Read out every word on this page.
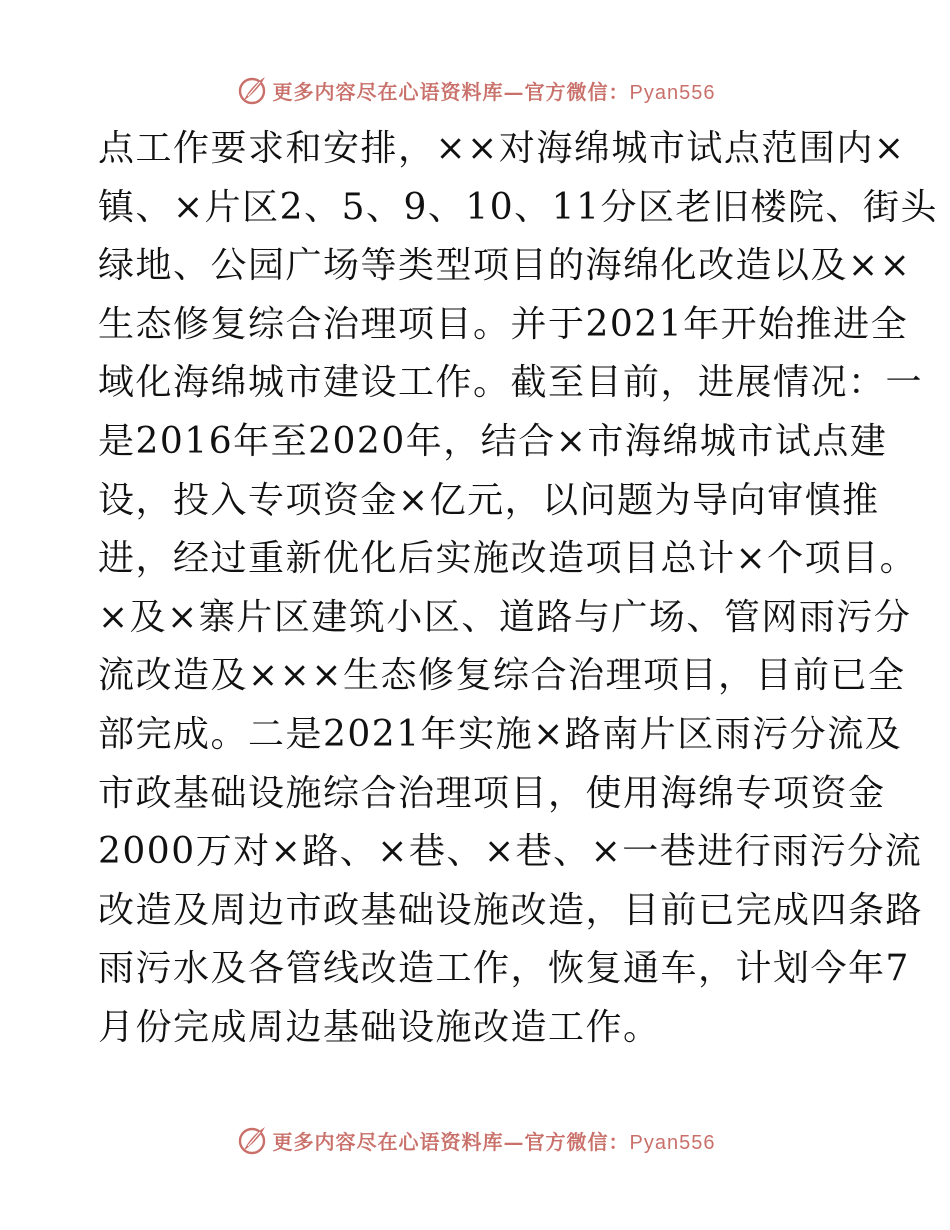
更多内容尽在心语资料库—官方微信：Pyan556
点工作要求和安排，××对海绵城市试点范围内×
镇、×片区2、5、9、10、11分区老旧楼院、街头
绿地、公园广场等类型项目的海绵化改造以及××
生态修复综合治理项目。并于2021年开始推进全
域化海绵城市建设工作。截至目前，进展情况：一
是2016年至2020年，结合×市海绵城市试点建
设，投入专项资金×亿元，以问题为导向审慎推
进，经过重新优化后实施改造项目总计×个项目。
×及×寨片区建筑小区、道路与广场、管网雨污分
流改造及×××生态修复综合治理项目，目前已全
部完成。二是2021年实施×路南片区雨污分流及
市政基础设施综合治理项目，使用海绵专项资金
2000万对×路、×巷、×巷、×一巷进行雨污分流
改造及周边市政基础设施改造，目前已完成四条路
雨污水及各管线改造工作，恢复通车，计划今年7
月份完成周边基础设施改造工作。
更多内容尽在心语资料库—官方微信：Pyan556
